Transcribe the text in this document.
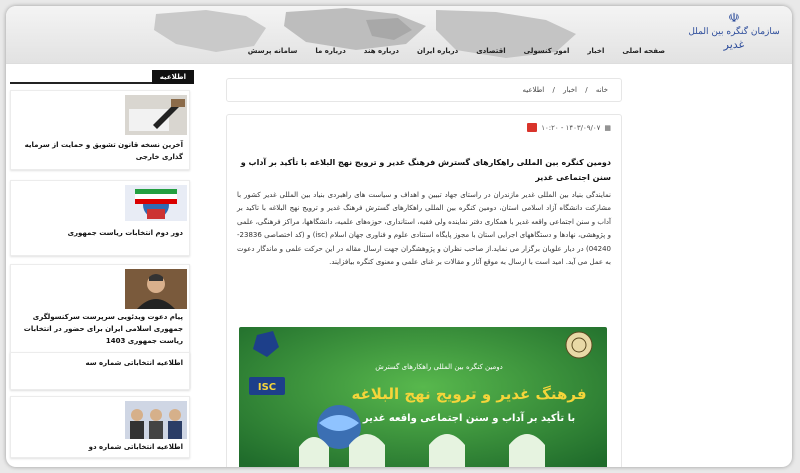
☫
سازمان گنگره بین الملل
غدیر
صفحه اصلی
اخبار
امور کنسولی
اقتصادی
درباره ایران
درباره هند
درباره ما
سامانه پرسش
اطلاعیه
آخرین نسخه قانون تشویق و حمایت از سرمایه گذاری خارجی
دور دوم انتخابات ریاست جمهوری
پیام دعوت ویدئویی سرپرست سرکنسولگری جمهوری اسلامی ایران برای حضور در انتخابات ریاست جمهوری 1403
اطلاعیه انتخاباتی شماره سه
اطلاعیه انتخاباتی شماره دو
خانه / اخبار / اطلاعیه
▦
۱۴۰۳/۰۹/۰۷ - ۱۰:۲۰
دومین کنگره بین المللی راهکارهای گسترش فرهنگ غدیر و ترویج نهج البلاغه با تأکید بر آداب و سنن اجتماعی غدیر
نمایندگی بنیاد بین المللی غدیر مازندران در راستای جهاد تبیین و اهداف و سیاست های راهبردی بنیاد بین المللی غدیر کشور با مشارکت دانشگاه آزاد اسلامی استان، دومین کنگره بین المللی راهکارهای گسترش فرهنگ غدیر و ترویج نهج البلاغه با تاکید بر آداب و سنن اجتماعی واقعه غدیر با همکاری دفتر نماینده ولی فقیه، استانداری، حوزه‌های علمیه، دانشگاهها، مراکز فرهنگی، علمی و پژوهشی، نهادها و دستگاههای اجرایی استان با مجوز پایگاه استنادی علوم و فناوری جهان اسلام (isc) و (کد اختصاصی 23836-04240) در دیار علویان برگزار می نماید.از صاحب نظران و پژوهشگران جهت ارسال مقاله در این حرکت علمی و ماندگار دعوت به عمل می آید. امید است با ارسال به موقع آثار و مقالات بر غنای علمی و معنوی کنگره بیافزایند.
ISC
دومین کنگره بین المللی راهکارهای گسترش
فرهنگ غدیر و ترویج نهج البلاغه
با تأکید بر آداب و سنن اجتماعی واقعه غدیر
